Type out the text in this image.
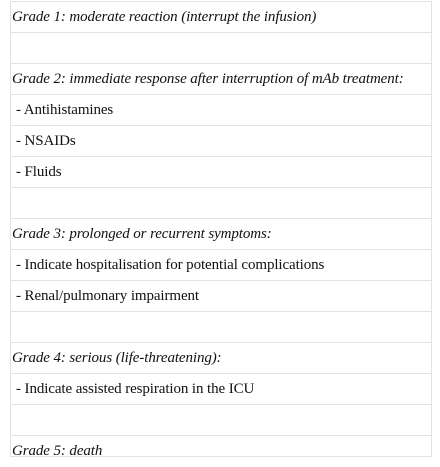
Grade 1: moderate reaction (interrupt the infusion)
Grade 2: immediate response after interruption of mAb treatment:
- Antihistamines
- NSAIDs
- Fluids
Grade 3: prolonged or recurrent symptoms:
- Indicate hospitalisation for potential complications
- Renal/pulmonary impairment
Grade 4: serious (life-threatening):
- Indicate assisted respiration in the ICU
Grade 5: death
